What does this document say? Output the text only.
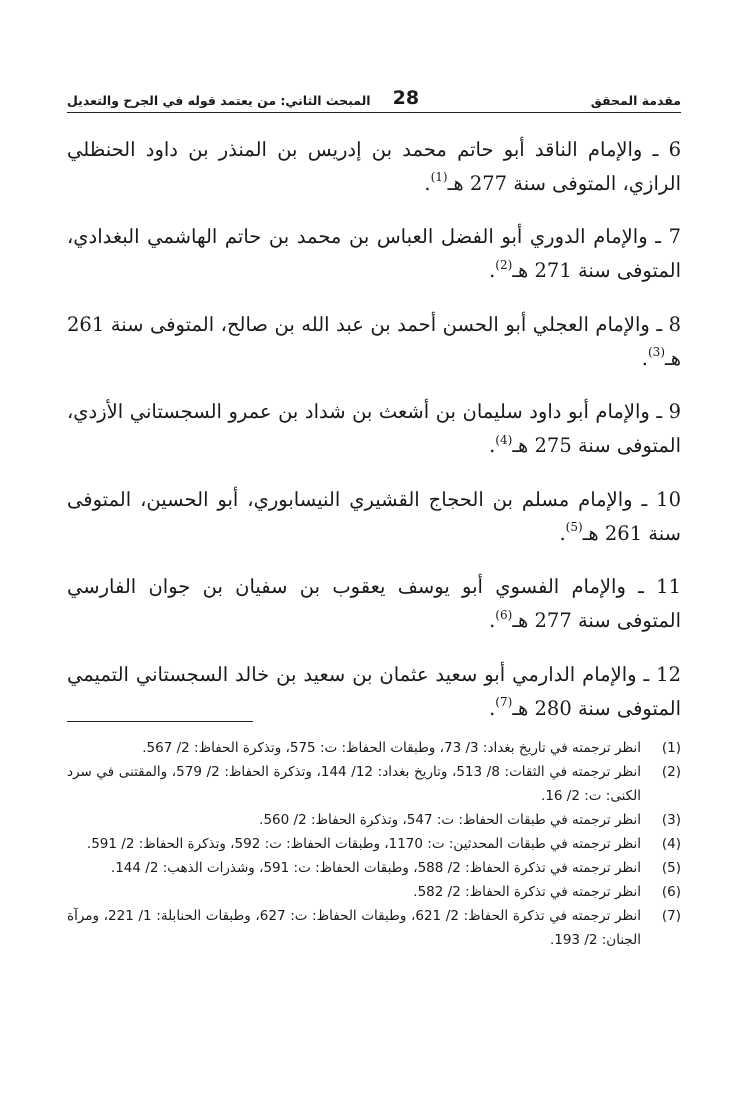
مقدمة المحقق
28
المبحث الثاني: من يعتمد قوله في الجرح والتعديل

6 ـ والإمام الناقد أبو حاتم محمد بن إدريس بن المنذر بن داود الحنظلي الرازي، المتوفى سنة 277 هـ$^{(1)}$.

7 ـ والإمام الدوري أبو الفضل العباس بن محمد بن حاتم الهاشمي البغدادي، المتوفى سنة 271 هـ$^{(2)}$.

8 ـ والإمام العجلي أبو الحسن أحمد بن عبد الله بن صالح، المتوفى سنة 261 هـ$^{(3)}$.

9 ـ والإمام أبو داود سليمان بن أشعث بن شداد بن عمرو السجستاني الأزدي، المتوفى سنة 275 هـ$^{(4)}$.

10 ـ والإمام مسلم بن الحجاج القشيري النيسابوري، أبو الحسين، المتوفى سنة 261 هـ$^{(5)}$.

11 ـ والإمام الفسوي أبو يوسف يعقوب بن سفيان بن جوان الفارسي المتوفى سنة 277 هـ$^{(6)}$.

12 ـ والإمام الدارمي أبو سعيد عثمان بن سعيد بن خالد السجستاني التميمي المتوفى سنة 280 هـ$^{(7)}$.

(1)
انظر ترجمته في تاريخ بغداد: 3/ 73، وطبقات الحفاظ: ت: 575، وتذكرة الحفاظ: 2/ 567.
(2)
انظر ترجمته في الثقات: 8/ 513، وتاريخ بغداد: 12/ 144، وتذكرة الحفاظ: 2/ 579، والمقتنى في سرد الكنى: ت: 2/ 16.
(3)
انظر ترجمته في طبقات الحفاظ: ت: 547، وتذكرة الحفاظ: 2/ 560.
(4)
انظر ترجمته في طبقات المحدثين: ت: 1170، وطبقات الحفاظ: ت: 592، وتذكرة الحفاظ: 2/ 591.
(5)
انظر ترجمته في تذكرة الحفاظ: 2/ 588، وطبقات الحفاظ: ت: 591، وشذرات الذهب: 2/ 144.
(6)
انظر ترجمته في تذكرة الحفاظ: 2/ 582.
(7)
انظر ترجمته في تذكرة الحفاظ: 2/ 621، وطبقات الحفاظ: ت: 627، وطبقات الحنابلة: 1/ 221، ومرآة الجنان: 2/ 193.
